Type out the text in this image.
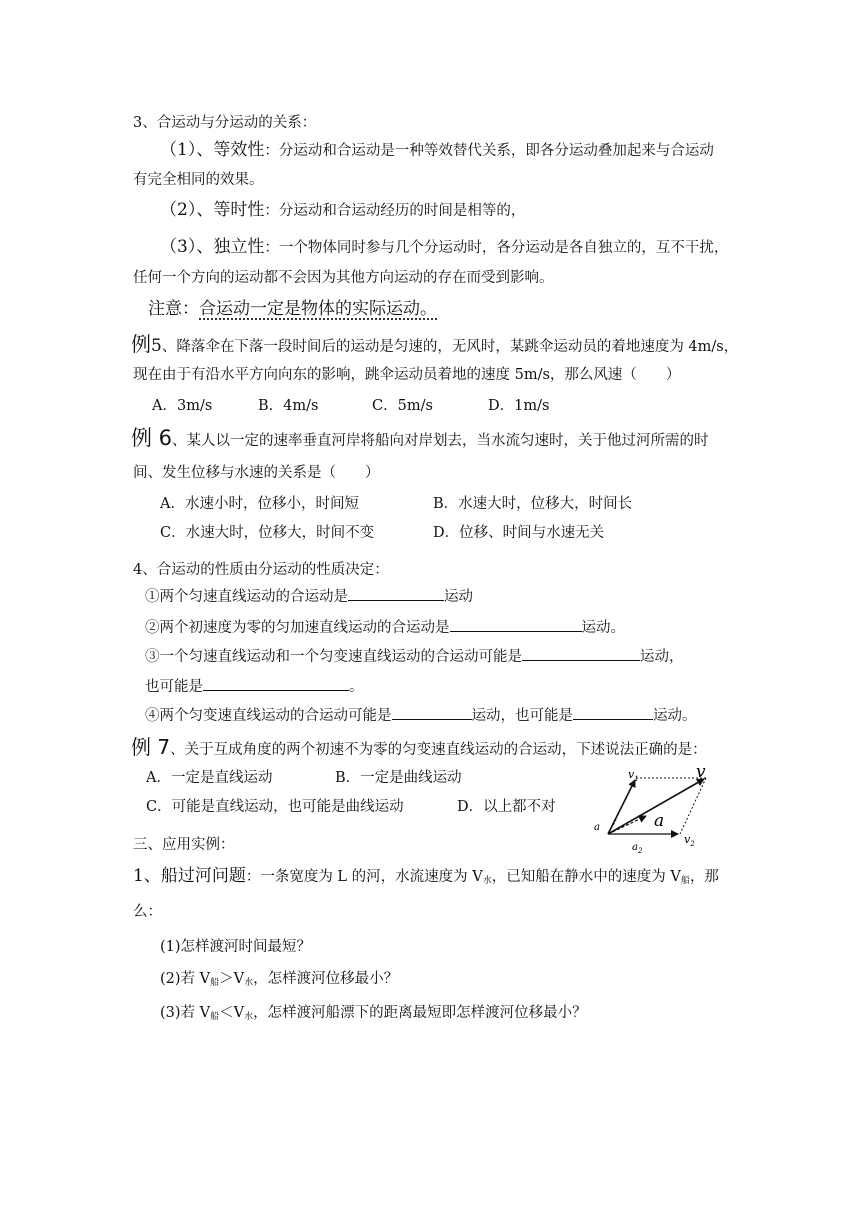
3、合运动与分运动的关系：
（1）、等效性：分运动和合运动是一种等效替代关系，即各分运动叠加起来与合运动
有完全相同的效果。
（2）、等时性：分运动和合运动经历的时间是相等的，
（3）、独立性：一个物体同时参与几个分运动时，各分运动是各自独立的，互不干扰，
任何一个方向的运动都不会因为其他方向运动的存在而受到影响。
注意：合运动一定是物体的实际运动。
例5、降落伞在下落一段时间后的运动是匀速的，无风时，某跳伞运动员的着地速度为 4m/s，
现在由于有沿水平方向向东的影响，跳伞运动员着地的速度 5m/s，那么风速（　　）
A．3m/s	B．4m/s	C．5m/s	D．1m/s
例 6、某人以一定的速率垂直河岸将船向对岸划去，当水流匀速时，关于他过河所需的时
间、发生位移与水速的关系是（　　）
A．水速小时，位移小，时间短	B．水速大时，位移大，时间长
C．水速大时，位移大，时间不变	D．位移、时间与水速无关
4、合运动的性质由分运动的性质决定：
①两个匀速直线运动的合运动是	运动
②两个初速度为零的匀加速直线运动的合运动是	运动。
③一个匀速直线运动和一个匀变速直线运动的合运动可能是	运动，
也可能是	。
④两个匀变速直线运动的合运动可能是	运动，也可能是	运动。
例 7、关于互成角度的两个初速不为零的匀变速直线运动的合运动，下述说法正确的是：
A．一定是直线运动	B．一定是曲线运动
C．可能是直线运动，也可能是曲线运动	D．以上都不对
$v_1$	v
a
a
$v_2$
$a_2$
三、应用实例：
1、船过河问题：一条宽度为 L 的河，水流速度为 $V_水$，已知船在静水中的速度为 $V_船$，那
么：
(1)怎样渡河时间最短？
(2)若 $V_船>V_水$，怎样渡河位移最小？
(3)若 $V_船<V_水$，怎样渡河船漂下的距离最短即怎样渡河位移最小？
